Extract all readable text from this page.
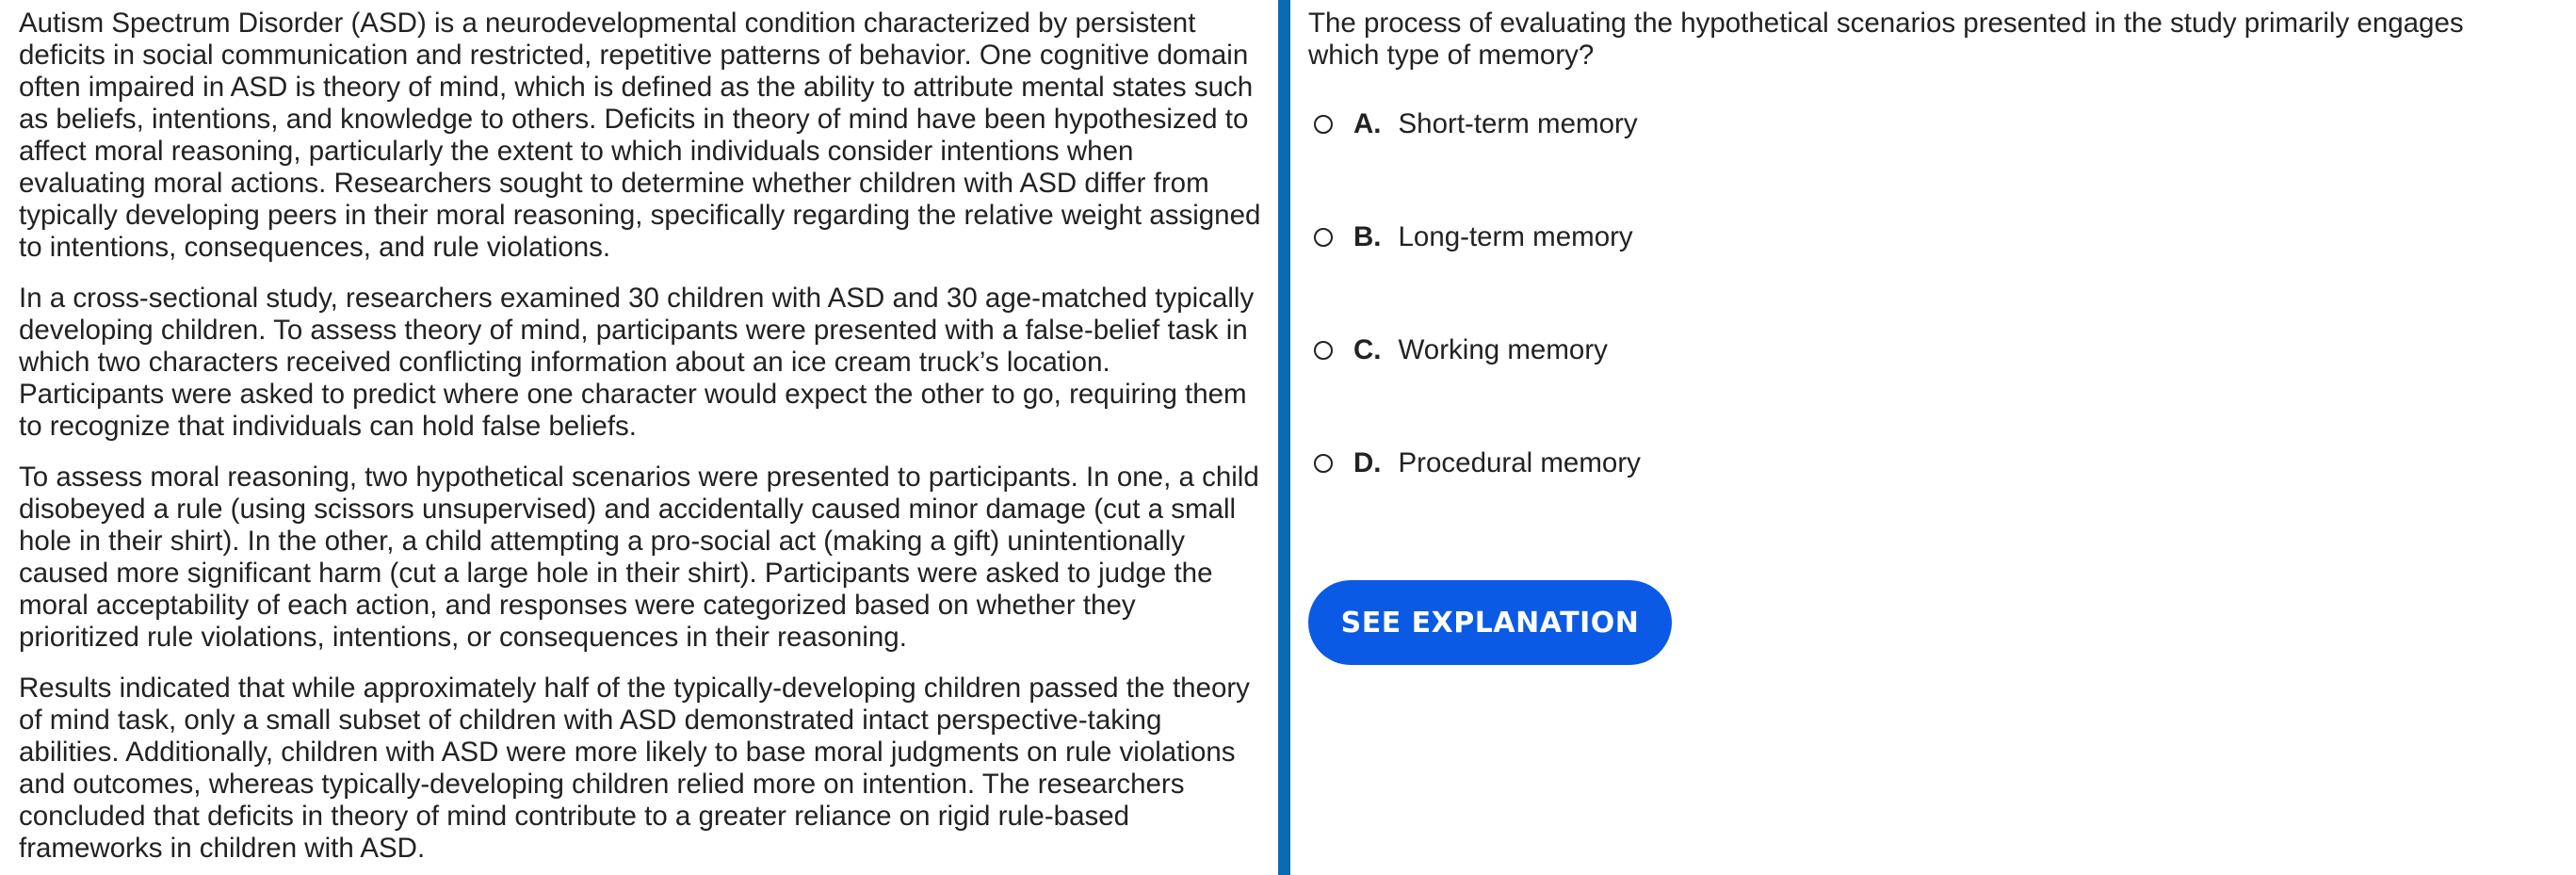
Autism Spectrum Disorder (ASD) is a neurodevelopmental condition characterized by persistent deficits in social communication and restricted, repetitive patterns of behavior. One cognitive domain often impaired in ASD is theory of mind, which is defined as the ability to attribute mental states such as beliefs, intentions, and knowledge to others. Deficits in theory of mind have been hypothesized to affect moral reasoning, particularly the extent to which individuals consider intentions when evaluating moral actions. Researchers sought to determine whether children with ASD differ from typically developing peers in their moral reasoning, specifically regarding the relative weight assigned to intentions, consequences, and rule violations.

In a cross-sectional study, researchers examined 30 children with ASD and 30 age-matched typically developing children. To assess theory of mind, participants were presented with a false-belief task in which two characters received conflicting information about an ice cream truck’s location. Participants were asked to predict where one character would expect the other to go, requiring them to recognize that individuals can hold false beliefs.

To assess moral reasoning, two hypothetical scenarios were presented to participants. In one, a child disobeyed a rule (using scissors unsupervised) and accidentally caused minor damage (cut a small hole in their shirt). In the other, a child attempting a pro-social act (making a gift) unintentionally caused more significant harm (cut a large hole in their shirt). Participants were asked to judge the moral acceptability of each action, and responses were categorized based on whether they prioritized rule violations, intentions, or consequences in their reasoning.

Results indicated that while approximately half of the typically-developing children passed the theory of mind task, only a small subset of children with ASD demonstrated intact perspective-taking abilities. Additionally, children with ASD were more likely to base moral judgments on rule violations and outcomes, whereas typically-developing children relied more on intention. The researchers concluded that deficits in theory of mind contribute to a greater reliance on rigid rule-based frameworks in children with ASD.

The process of evaluating the hypothetical scenarios presented in the study primarily engages which type of memory?

A. Short-term memory
B. Long-term memory
C. Working memory
D. Procedural memory
SEE EXPLANATION
